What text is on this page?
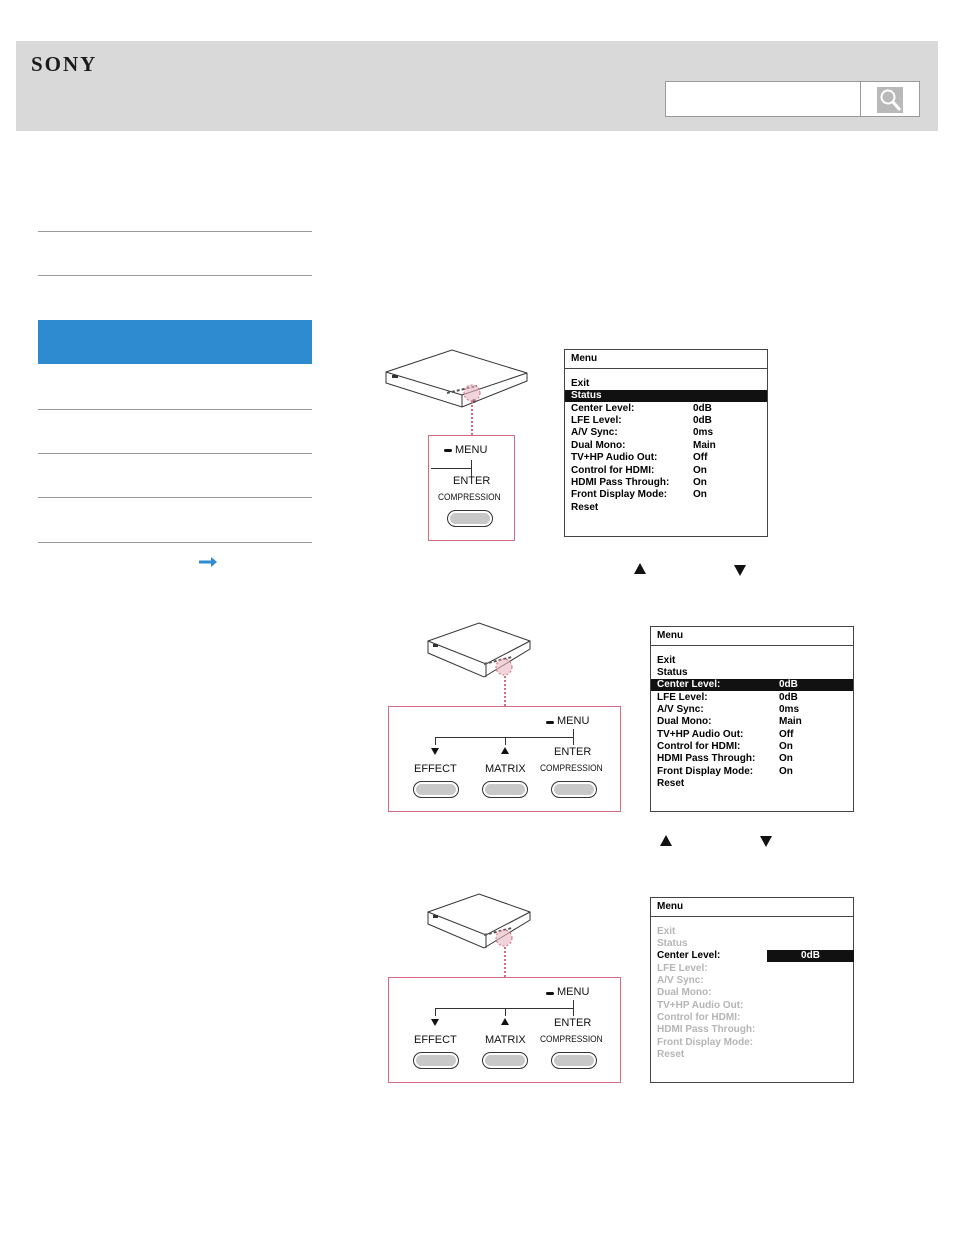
SONY
MENU
ENTER
COMPRESSION
Menu
Exit
Status
Center Level:	0dB
LFE Level:	0dB
A/V Sync:	0ms
Dual Mono:	Main
TV+HP Audio Out:	Off
Control for HDMI:	On
HDMI Pass Through: On
Front Display Mode:	On
Reset
MENU
ENTER
EFFECT	MATRIX COMPRESSION
Menu
Exit
Status
Center Level:	0dB
LFE Level:	0dB
A/V Sync:	0ms
Dual Mono:	Main
TV+HP Audio Out:	Off
Control for HDMI:	On
HDMI Pass Through: On
Front Display Mode:	On
Reset
MENU
ENTER
EFFECT	MATRIX COMPRESSION
Menu
Exit
Status
Center Level:	0dB
LFE Level:
A/V Sync:
Dual Mono:
TV+HP Audio Out:
Control for HDMI:
HDMI Pass Through:
Front Display Mode:
Reset
